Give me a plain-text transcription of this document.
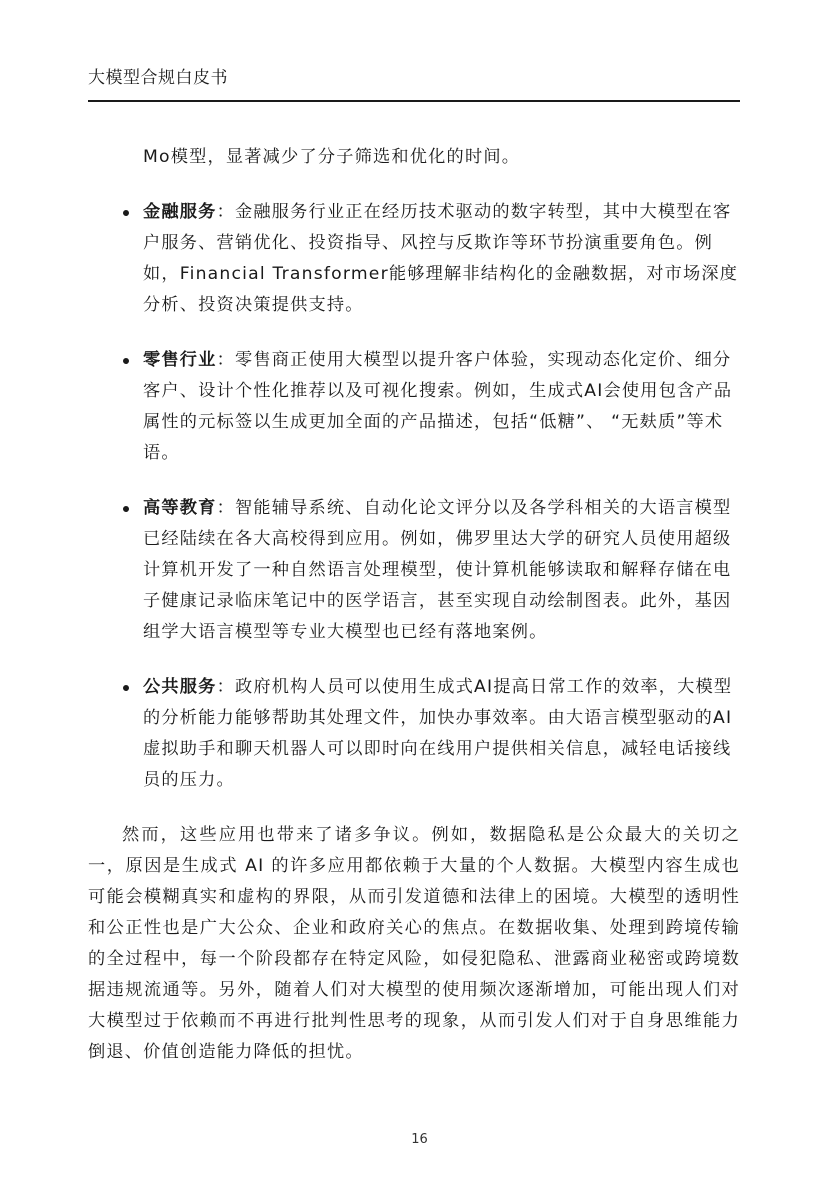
大模型合规白皮书

Mo模型，显著减少了分子筛选和优化的时间。

金融服务：金融服务行业正在经历技术驱动的数字转型，其中大模型在客户服务、营销优化、投资指导、风控与反欺诈等环节扮演重要角色。例如，Financial Transformer能够理解非结构化的金融数据，对市场深度分析、投资决策提供支持。
零售行业：零售商正使用大模型以提升客户体验，实现动态化定价、细分客户、设计个性化推荐以及可视化搜索。例如，生成式AI会使用包含产品属性的元标签以生成更加全面的产品描述，包括“低糖”、 “无麸质”等术语。
高等教育：智能辅导系统、自动化论文评分以及各学科相关的大语言模型已经陆续在各大高校得到应用。例如，佛罗里达大学的研究人员使用超级计算机开发了一种自然语言处理模型，使计算机能够读取和解释存储在电子健康记录临床笔记中的医学语言，甚至实现自动绘制图表。此外，基因组学大语言模型等专业大模型也已经有落地案例。
公共服务：政府机构人员可以使用生成式AI提高日常工作的效率，大模型的分析能力能够帮助其处理文件，加快办事效率。由大语言模型驱动的AI虚拟助手和聊天机器人可以即时向在线用户提供相关信息，减轻电话接线员的压力。

然而，这些应用也带来了诸多争议。例如，数据隐私是公众最大的关切之一，原因是生成式 AI 的许多应用都依赖于大量的个人数据。大模型内容生成也可能会模糊真实和虚构的界限，从而引发道德和法律上的困境。大模型的透明性和公正性也是广大公众、企业和政府关心的焦点。在数据收集、处理到跨境传输的全过程中，每一个阶段都存在特定风险，如侵犯隐私、泄露商业秘密或跨境数据违规流通等。另外，随着人们对大模型的使用频次逐渐增加，可能出现人们对大模型过于依赖而不再进行批判性思考的现象，从而引发人们对于自身思维能力倒退、价值创造能力降低的担忧。

16
